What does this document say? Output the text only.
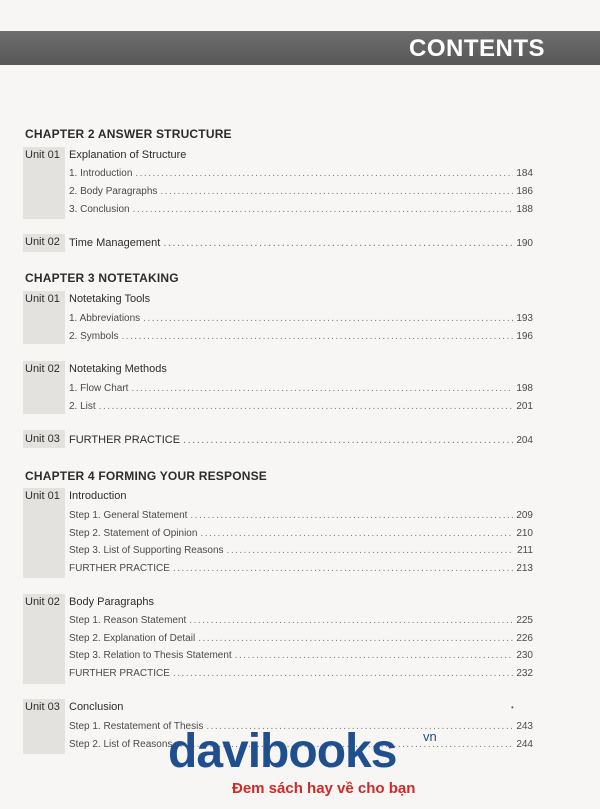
CONTENTS
CHAPTER 2 ANSWER STRUCTURE
Unit 01 Explanation of Structure
1. Introduction .....	184
2. Body Paragraphs .....	186
3. Conclusion .....	188
Unit 02 Time Management .....	190
CHAPTER 3 NOTETAKING
Unit 01 Notetaking Tools
1. Abbreviations .....	193
2. Symbols .....	196
Unit 02 Notetaking Methods
1. Flow Chart .....	198
2. List .....	201
Unit 03 FURTHER PRACTICE .....	204
CHAPTER 4 FORMING YOUR RESPONSE
Unit 01 Introduction
Step 1. General Statement .....	209
Step 2. Statement of Opinion .....	210
Step 3. List of Supporting Reasons .....	211
FURTHER PRACTICE .....	213
Unit 02 Body Paragraphs
Step 1. Reason Statement .....	225
Step 2. Explanation of Detail .....	226
Step 3. Relation to Thesis Statement .....	230
FURTHER PRACTICE .....	232
Unit 03 Conclusion
Step 1. Restatement of Thesis .....	243
Step 2. List of Reasons .....	244
•
davibooks vn
Đem sách hay về cho bạn
